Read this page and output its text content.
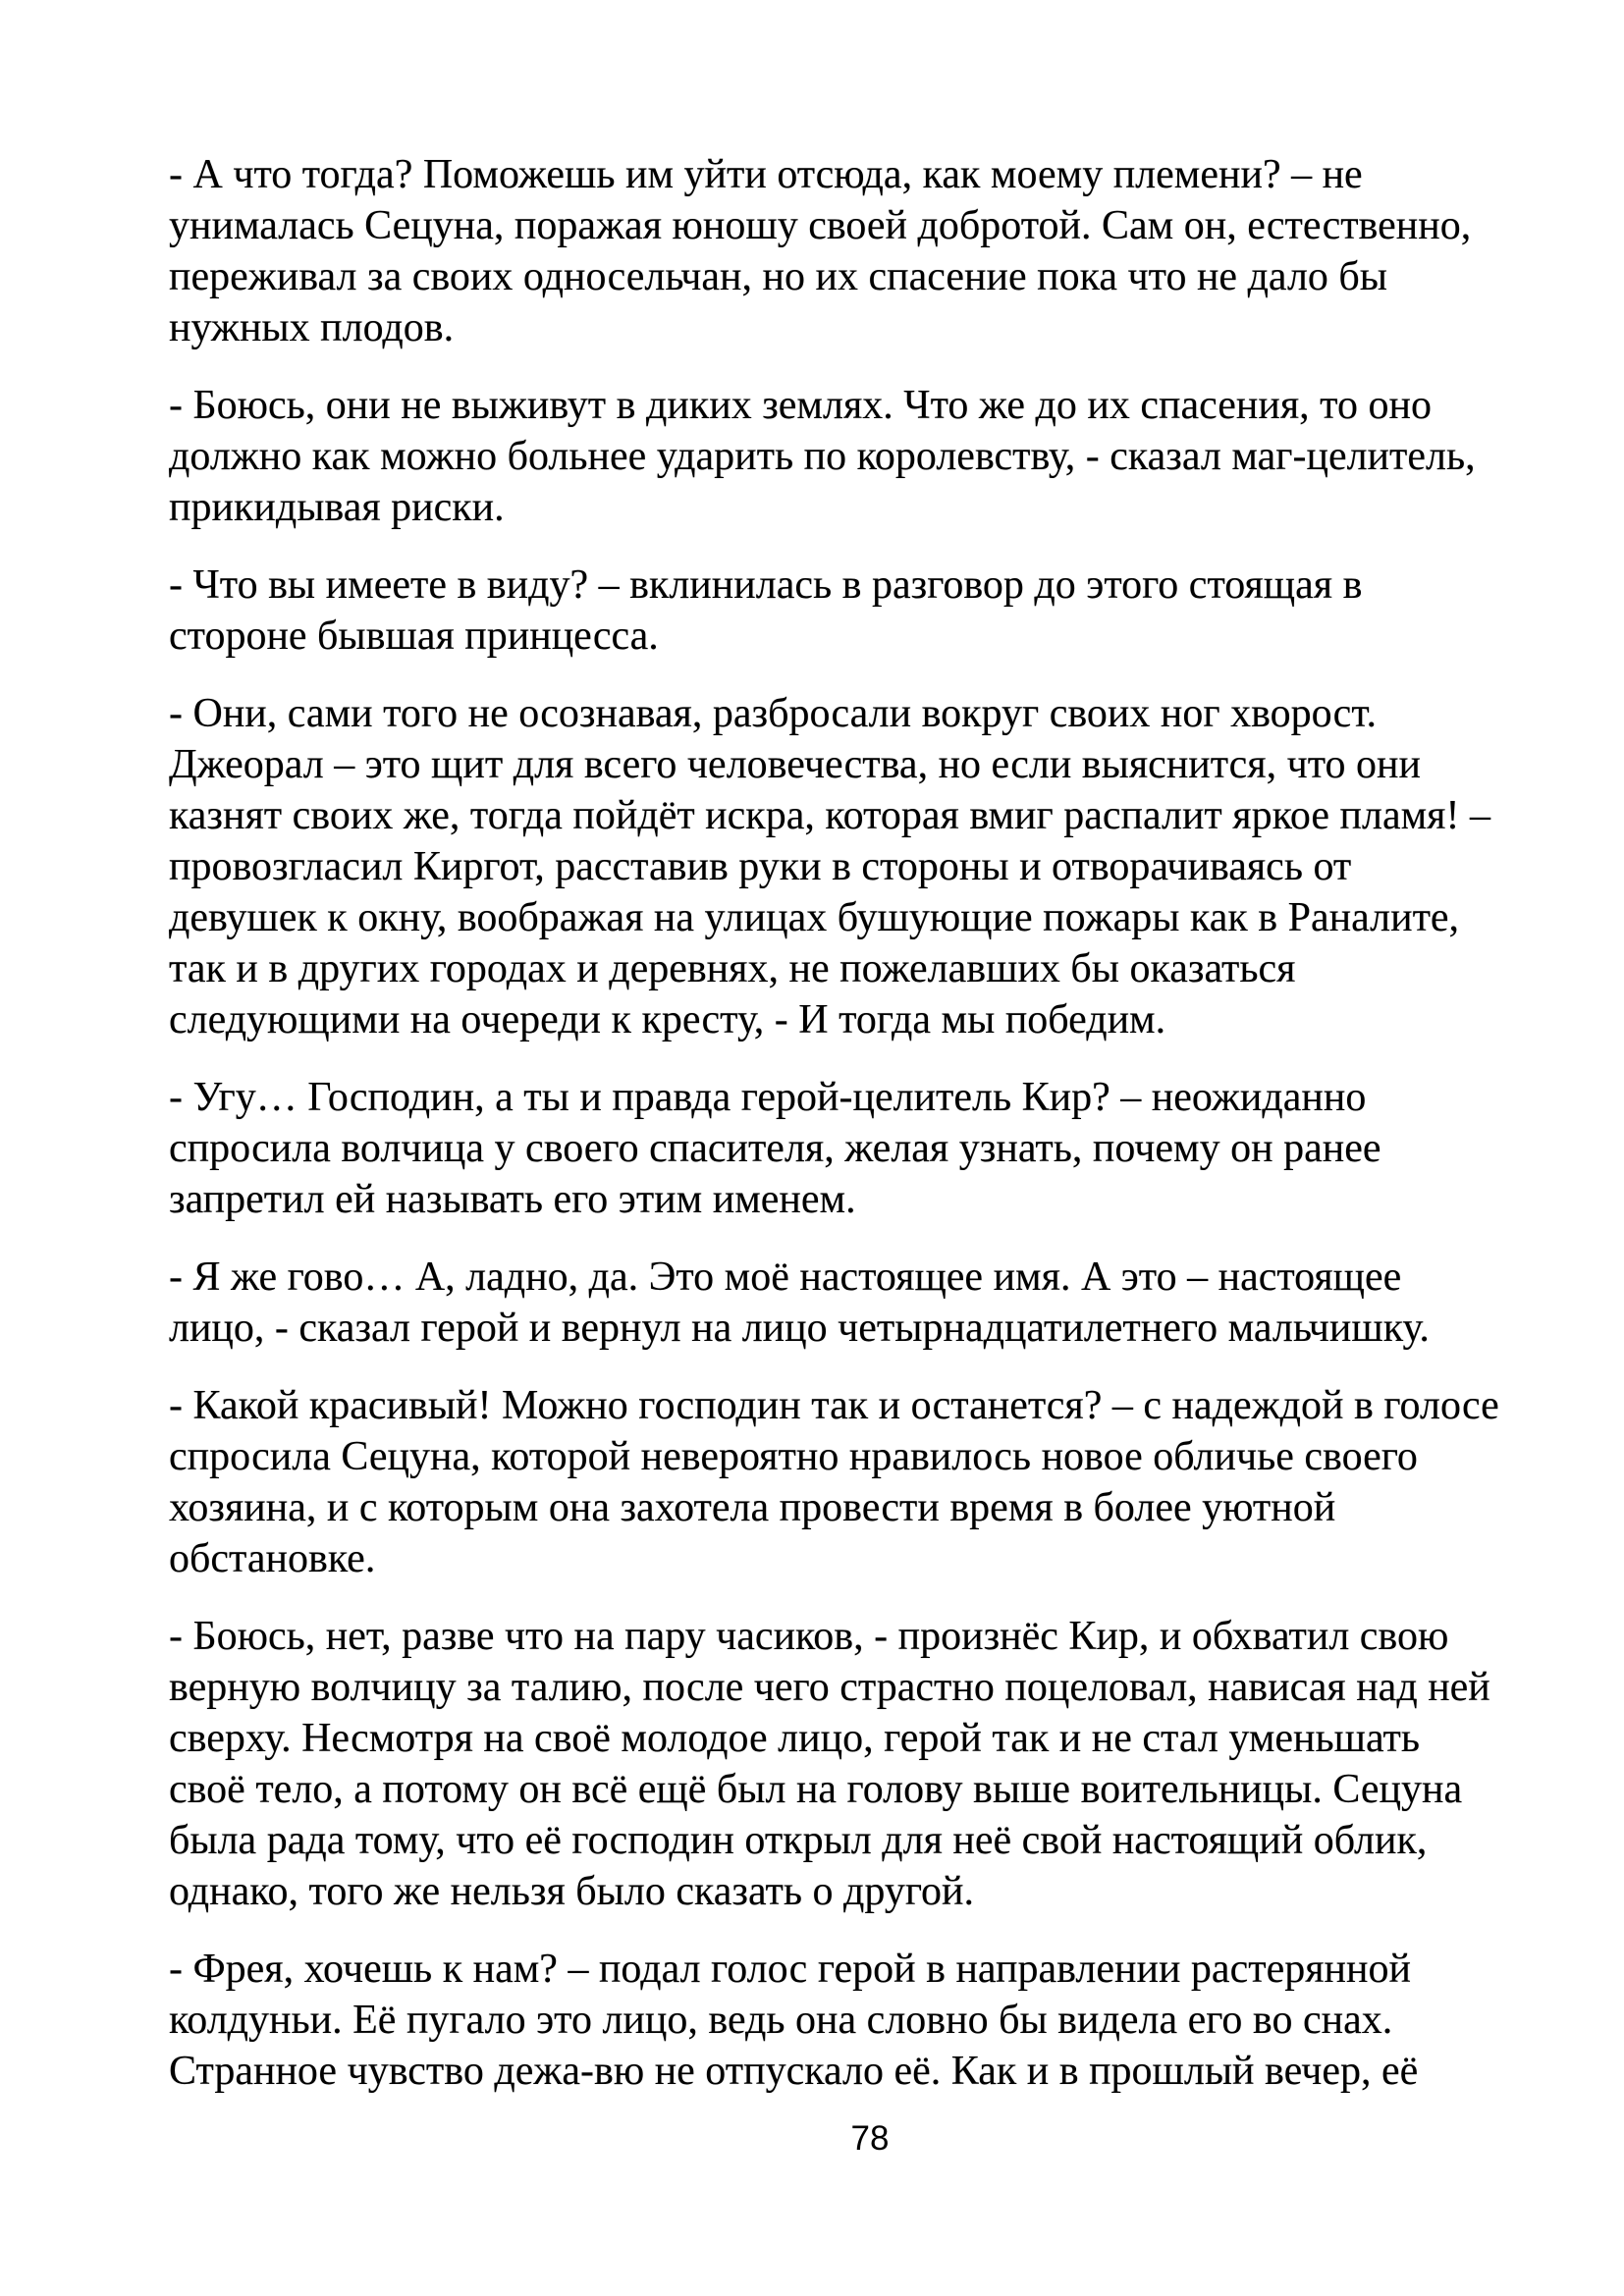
- А что тогда? Поможешь им уйти отсюда, как моему племени? – не унималась Сецуна, поражая юношу своей добротой. Сам он, естественно, переживал за своих односельчан, но их спасение пока что не дало бы нужных плодов.

- Боюсь, они не выживут в диких землях. Что же до их спасения, то оно должно как можно больнее ударить по королевству, - сказал маг-целитель, прикидывая риски.

- Что вы имеете в виду? – вклинилась в разговор до этого стоящая в стороне бывшая принцесса.

- Они, сами того не осознавая, разбросали вокруг своих ног хворост. Джеорал – это щит для всего человечества, но если выяснится, что они казнят своих же, тогда пойдёт искра, которая вмиг распалит яркое пламя! – провозгласил Киргот, расставив руки в стороны и отворачиваясь от девушек к окну, воображая на улицах бушующие пожары как в Раналите, так и в других городах и деревнях, не пожелавших бы оказаться следующими на очереди к кресту, - И тогда мы победим.

- Угу… Господин, а ты и правда герой-целитель Кир? – неожиданно спросила волчица у своего спасителя, желая узнать, почему он ранее запретил ей называть его этим именем.

- Я же гово… А, ладно, да. Это моё настоящее имя. А это – настоящее лицо, - сказал герой и вернул на лицо четырнадцатилетнего мальчишку.

- Какой красивый! Можно господин так и останется? – с надеждой в голосе спросила Сецуна, которой невероятно нравилось новое обличье своего хозяина, и с которым она захотела провести время в более уютной обстановке.

- Боюсь, нет, разве что на пару часиков, - произнёс Кир, и обхватил свою верную волчицу за талию, после чего страстно поцеловал, нависая над ней сверху. Несмотря на своё молодое лицо, герой так и не стал уменьшать своё тело, а потому он всё ещё был на голову выше воительницы. Сецуна была рада тому, что её господин открыл для неё свой настоящий облик, однако, того же нельзя было сказать о другой.

- Фрея, хочешь к нам? – подал голос герой в направлении растерянной колдуньи. Её пугало это лицо, ведь она словно бы видела его во снах. Странное чувство дежа-вю не отпускало её. Как и в прошлый вечер, её

78
